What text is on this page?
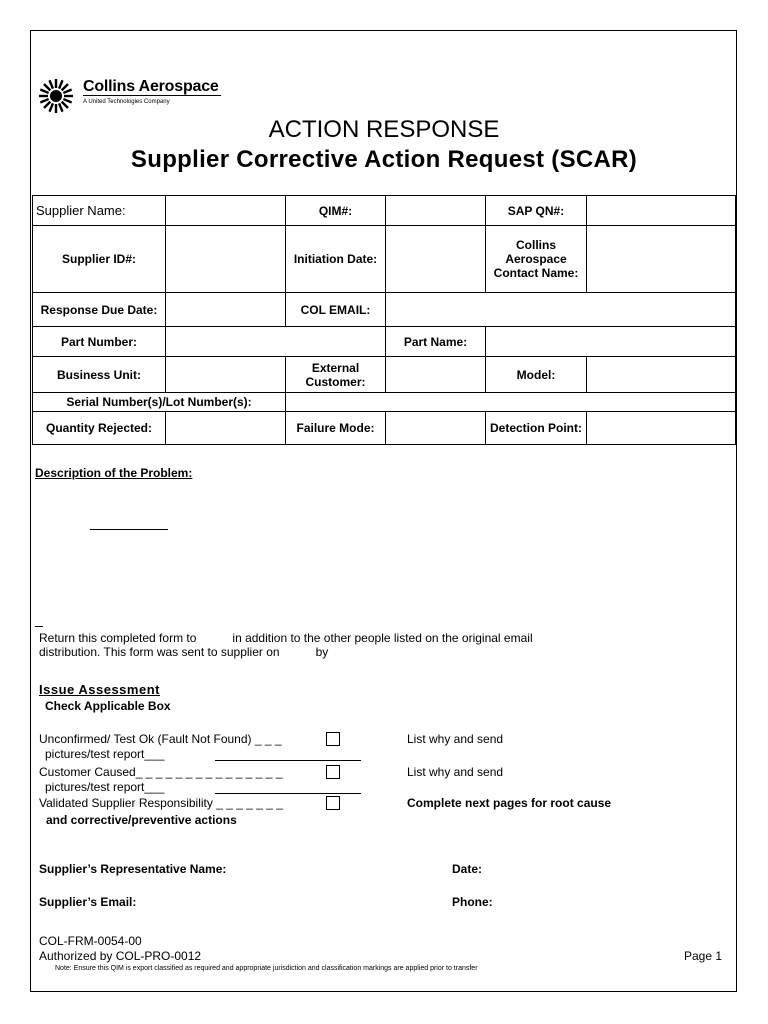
Collins Aerospace
A United Technologies Company
ACTION RESPONSE
Supplier Corrective Action Request (SCAR)
Supplier Name:		QIM#:		SAP QN#:	
Supplier ID#:		Initiation Date:		Collins Aerospace Contact Name:	
Response Due Date:		COL EMAIL:			
Part Number:			Part Name:		
Business Unit:		External Customer:		Model:	
Serial Number(s)/Lot Number(s):					
Quantity Rejected:		Failure Mode:		Detection Point:	
Description of the Problem:
Return this completed form to	in addition to the other people listed on the original email
distribution. This form was sent to supplier on	by
Issue Assessment
Check Applicable Box
Unconfirmed/ Test Ok (Fault Not Found) _ _ _
pictures/test report___
List why and send
Customer Caused_ _ _ _ _ _ _ _ _ _ _ _ _ _ _
pictures/test report___
List why and send
Validated Supplier Responsibility _ _ _ _ _ _ _
and corrective/preventive actions
Complete next pages for root cause
Supplier’s Representative Name:	Date:
Supplier’s Email:	Phone:
COL-FRM-0054-00
Authorized by COL-PRO-0012	Page 1
Note: Ensure this QIM is export classified as required and appropriate jurisdiction and classification markings are applied prior to transfer
